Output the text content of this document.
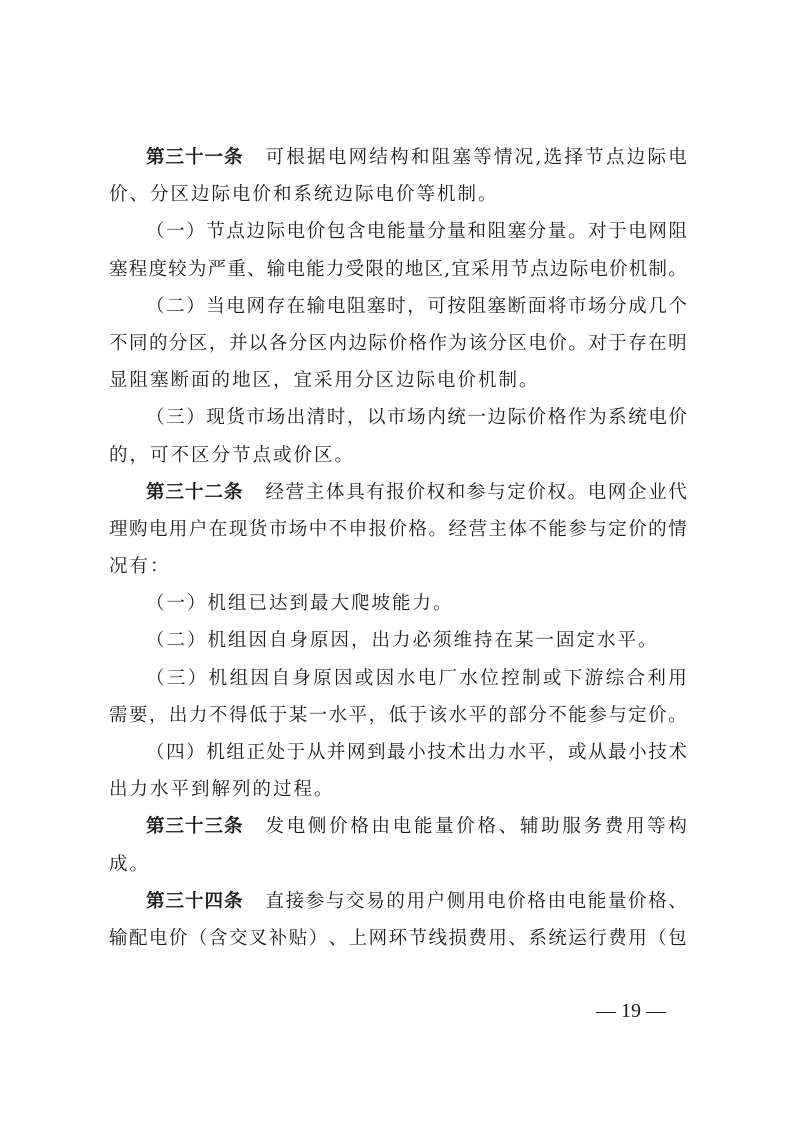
第三十一条 可 根 据 电 网 结 构 和 阻 塞 等 情 况 , 选 择 节 点 边 际 电
价、分区边际电价和系统边际电价等机制。
（ 一 ） 节 点 边 际 电 价 包 含 电 能 量 分 量 和 阻 塞 分 量 。 对 于 电 网 阻
塞 程 度 较 为 严 重 、 输 电 能 力 受 限 的 地 区 , 宜 采 用 节 点 边 际 电 价 机 制 。
（ 二 ） 当 电 网 存 在 输 电 阻 塞 时 ， 可 按 阻 塞 断 面 将 市 场 分 成 几 个
不 同 的 分 区 ， 并 以 各 分 区 内 边 际 价 格 作 为 该 分 区 电 价 。 对 于 存 在 明
显阻塞断面的地区，宜采用分区边际电价机制。
（ 三 ） 现 货 市 场 出 清 时 ， 以 市 场 内 统 一 边 际 价 格 作 为 系 统 电 价
的，可不区分节点或价区。
第三十二条 经 营 主 体 具 有 报 价 权 和 参 与 定 价 权 。 电 网 企 业 代
理 购 电 用 户 在 现 货 市 场 中 不 申 报 价 格 。 经 营 主 体 不 能 参 与 定 价 的 情
况有：
（一）机组已达到最大爬坡能力。
（二）机组因自身原因，出力必须维持在某一固定水平。
（ 三 ） 机 组 因 自 身 原 因 或 因 水 电 厂 水 位 控 制 或 下 游 综 合 利 用
需 要 ， 出 力 不 得 低 于 某 一 水 平 ， 低 于 该 水 平 的 部 分 不 能 参 与 定 价 。
（ 四 ） 机 组 正 处 于 从 并 网 到 最 小 技 术 出 力 水 平 ， 或 从 最 小 技 术
出力水平到解列的过程。
第三十三条 发 电 侧 价 格 由 电 能 量 价 格 、 辅 助 服 务 费 用 等 构
成。
第三十四条 直 接 参 与 交 易 的 用 户 侧 用 电 价 格 由 电 能 量 价 格 、
输 配 电 价 （ 含 交 叉 补 贴 ） 、 上 网 环 节 线 损 费 用 、 系 统 运 行 费 用 （ 包
— 19 —
